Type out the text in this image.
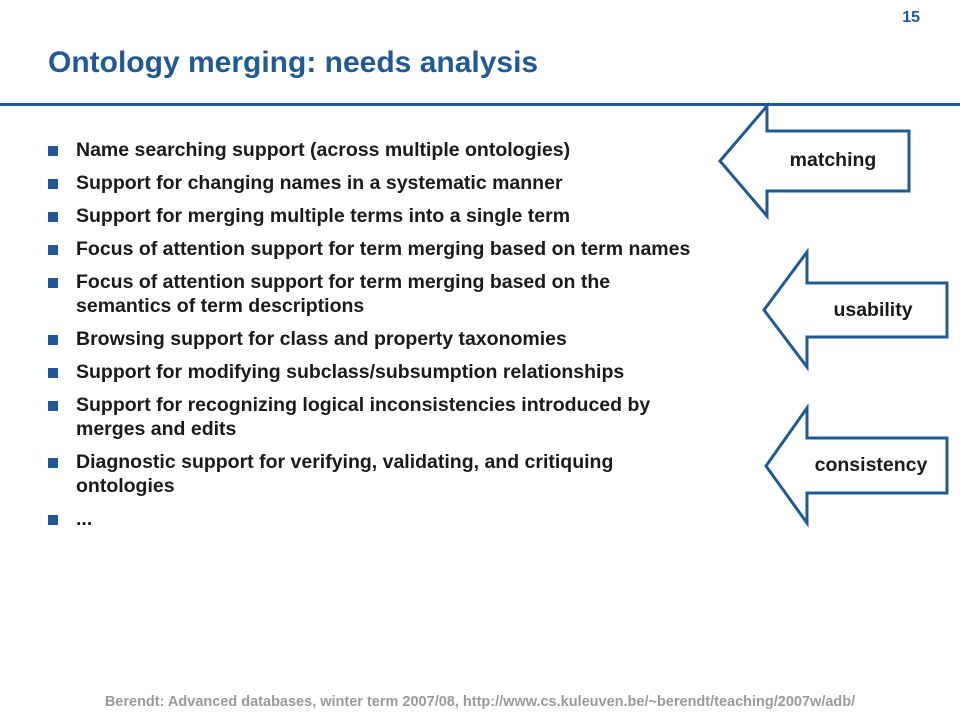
15
Ontology merging: needs analysis
Name searching support (across multiple ontologies)
Support for changing names in a systematic manner
Support for merging multiple terms into a single term
Focus of attention support for term merging based on term names
Focus of attention support for term merging based on the
semantics of term descriptions
Browsing support for class and property taxonomies
Support for modifying subclass/subsumption relationships
Support for recognizing logical inconsistencies introduced by
merges and edits
Diagnostic support for verifying, validating, and critiquing
ontologies
...
matching
usability
consistency
Berendt: Advanced databases, winter term 2007/08, http://www.cs.kuleuven.be/~berendt/teaching/2007w/adb/
